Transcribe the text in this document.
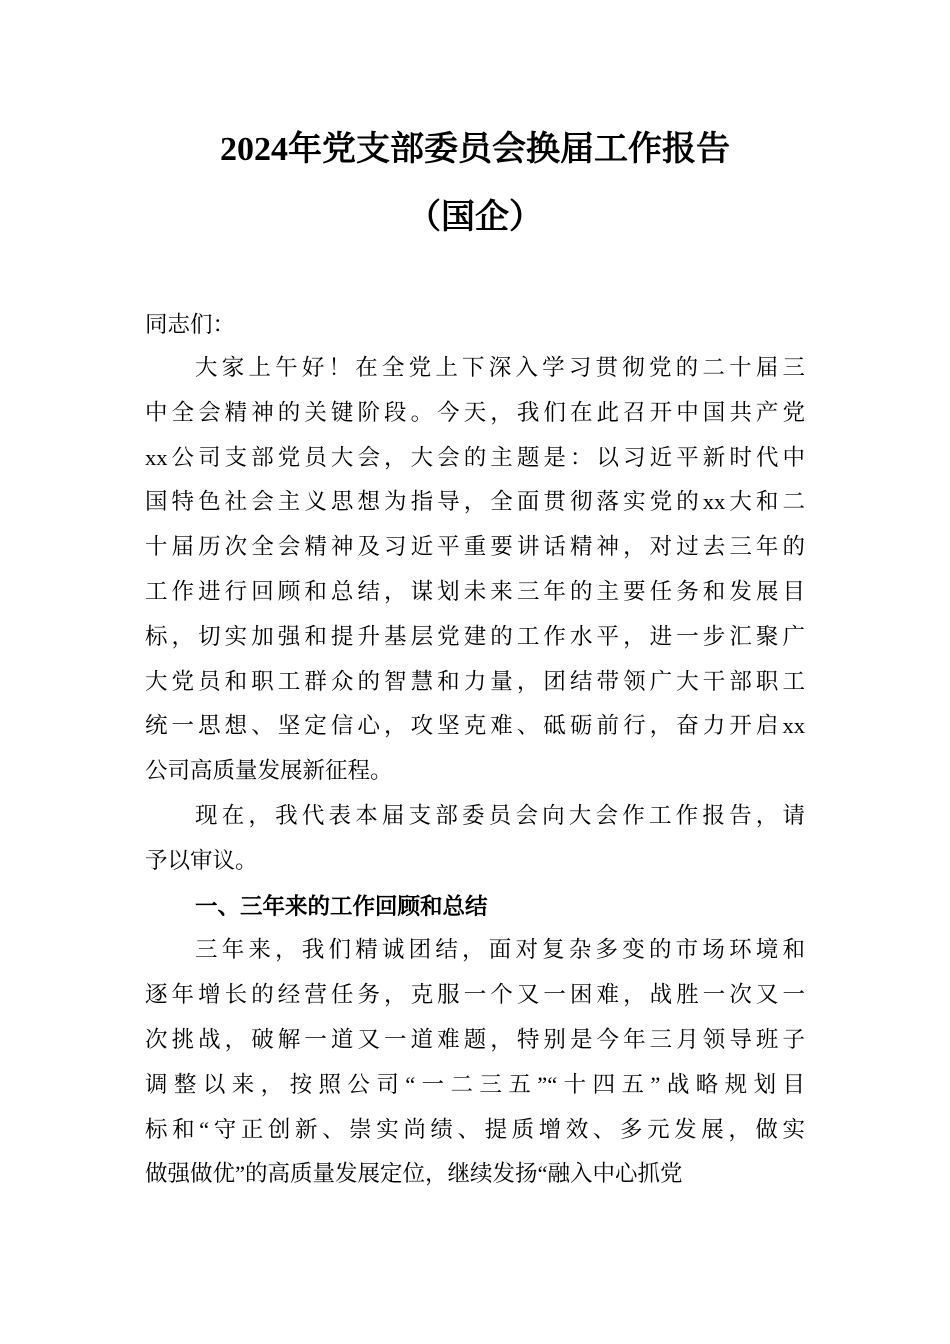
2024年党支部委员会换届工作报告
（国企）
同志们：
大家上午好！在全党上下深入学习贯彻党的二十届三
中全会精神的关键阶段。今天，我们在此召开中国共产党
xx公司支部党员大会，大会的主题是：以习近平新时代中
国特色社会主义思想为指导，全面贯彻落实党的xx大和二
十届历次全会精神及习近平重要讲话精神，对过去三年的
工作进行回顾和总结，谋划未来三年的主要任务和发展目
标，切实加强和提升基层党建的工作水平，进一步汇聚广
大党员和职工群众的智慧和力量，团结带领广大干部职工
统一思想、坚定信心，攻坚克难、砥砺前行，奋力开启xx
公司高质量发展新征程。
现在，我代表本届支部委员会向大会作工作报告，请
予以审议。
一、三年来的工作回顾和总结
三年来，我们精诚团结，面对复杂多变的市场环境和
逐年增长的经营任务，克服一个又一困难，战胜一次又一
次挑战，破解一道又一道难题，特别是今年三月领导班子
调整以来，按照公司“一二三五”“十四五”战略规划目
标和“守正创新、崇实尚绩、提质增效、多元发展，做实
做强做优”的高质量发展定位，继续发扬“融入中心抓党
